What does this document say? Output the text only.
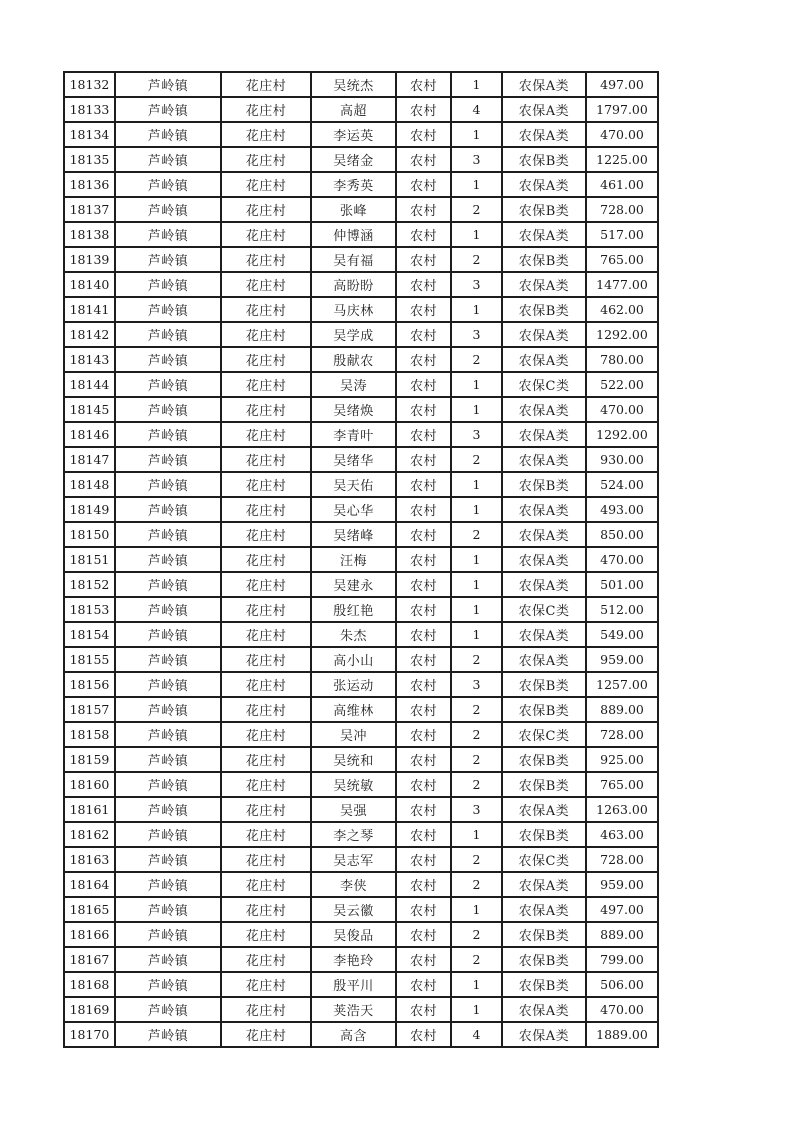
18132	芦岭镇	花庄村	吴统杰	农村	1	农保A类	497.00
18133	芦岭镇	花庄村	高超	农村	4	农保A类	1797.00
18134	芦岭镇	花庄村	李运英	农村	1	农保A类	470.00
18135	芦岭镇	花庄村	吴绪金	农村	3	农保B类	1225.00
18136	芦岭镇	花庄村	李秀英	农村	1	农保A类	461.00
18137	芦岭镇	花庄村	张峰	农村	2	农保B类	728.00
18138	芦岭镇	花庄村	仲博涵	农村	1	农保A类	517.00
18139	芦岭镇	花庄村	吴有福	农村	2	农保B类	765.00
18140	芦岭镇	花庄村	高盼盼	农村	3	农保A类	1477.00
18141	芦岭镇	花庄村	马庆林	农村	1	农保B类	462.00
18142	芦岭镇	花庄村	吴学成	农村	3	农保A类	1292.00
18143	芦岭镇	花庄村	殷献农	农村	2	农保A类	780.00
18144	芦岭镇	花庄村	吴涛	农村	1	农保C类	522.00
18145	芦岭镇	花庄村	吴绪焕	农村	1	农保A类	470.00
18146	芦岭镇	花庄村	李青叶	农村	3	农保A类	1292.00
18147	芦岭镇	花庄村	吴绪华	农村	2	农保A类	930.00
18148	芦岭镇	花庄村	吴天佑	农村	1	农保B类	524.00
18149	芦岭镇	花庄村	吴心华	农村	1	农保A类	493.00
18150	芦岭镇	花庄村	吴绪峰	农村	2	农保A类	850.00
18151	芦岭镇	花庄村	汪梅	农村	1	农保A类	470.00
18152	芦岭镇	花庄村	吴建永	农村	1	农保A类	501.00
18153	芦岭镇	花庄村	殷红艳	农村	1	农保C类	512.00
18154	芦岭镇	花庄村	朱杰	农村	1	农保A类	549.00
18155	芦岭镇	花庄村	高小山	农村	2	农保A类	959.00
18156	芦岭镇	花庄村	张运动	农村	3	农保B类	1257.00
18157	芦岭镇	花庄村	高维林	农村	2	农保B类	889.00
18158	芦岭镇	花庄村	吴冲	农村	2	农保C类	728.00
18159	芦岭镇	花庄村	吴统和	农村	2	农保B类	925.00
18160	芦岭镇	花庄村	吴统敏	农村	2	农保B类	765.00
18161	芦岭镇	花庄村	吴强	农村	3	农保A类	1263.00
18162	芦岭镇	花庄村	李之琴	农村	1	农保B类	463.00
18163	芦岭镇	花庄村	吴志军	农村	2	农保C类	728.00
18164	芦岭镇	花庄村	李侠	农村	2	农保A类	959.00
18165	芦岭镇	花庄村	吴云徽	农村	1	农保A类	497.00
18166	芦岭镇	花庄村	吴俊品	农村	2	农保B类	889.00
18167	芦岭镇	花庄村	李艳玲	农村	2	农保B类	799.00
18168	芦岭镇	花庄村	殷平川	农村	1	农保B类	506.00
18169	芦岭镇	花庄村	荚浩天	农村	1	农保A类	470.00
18170	芦岭镇	花庄村	高含	农村	4	农保A类	1889.00
